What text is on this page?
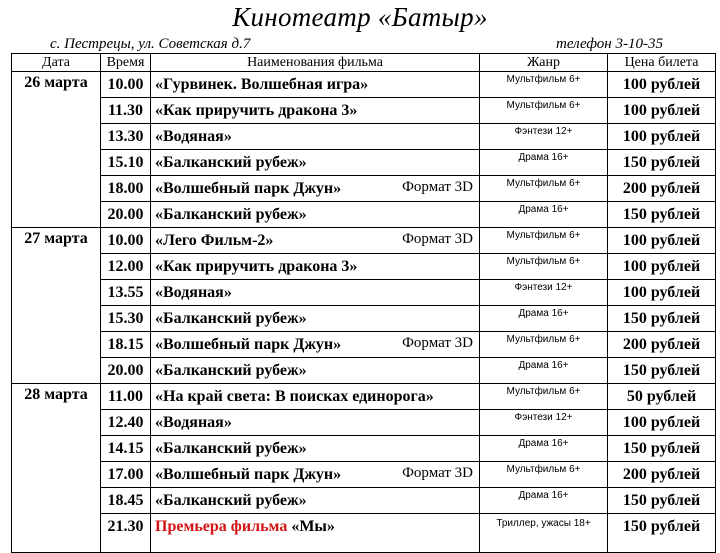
Кинотеатр «Батыр»
с. Пестрецы, ул. Советская д.7	телефон 3-10-35
Дата	Время	Наименования фильма	Жанр	Цена билета
26 марта	10.00	«Гурвинек. Волшебная игра»	Мультфильм 6+	100 рублей
	11.30	«Как приручить дракона 3»	Мультфильм 6+	100 рублей
	13.30	«Водяная»	Фэнтези 12+	100 рублей
	15.10	«Балканский рубеж»	Драма 16+	150 рублей
	18.00	«Волшебный парк Джун» Формат 3D	Мультфильм 6+	200 рублей
	20.00	«Балканский рубеж»	Драма 16+	150 рублей
27 марта	10.00	«Лего Фильм-2» Формат 3D	Мультфильм 6+	100 рублей
	12.00	«Как приручить дракона 3»	Мультфильм 6+	100 рублей
	13.55	«Водяная»	Фэнтези 12+	100 рублей
	15.30	«Балканский рубеж»	Драма 16+	150 рублей
	18.15	«Волшебный парк Джун» Формат 3D	Мультфильм 6+	200 рублей
	20.00	«Балканский рубеж»	Драма 16+	150 рублей
28 марта	11.00	«На край света: В поисках единорога»	Мультфильм 6+	50 рублей
	12.40	«Водяная»	Фэнтези 12+	100 рублей
	14.15	«Балканский рубеж»	Драма 16+	150 рублей
	17.00	«Волшебный парк Джун» Формат 3D	Мультфильм 6+	200 рублей
	18.45	«Балканский рубеж»	Драма 16+	150 рублей
	21.30	Премьера фильма «Мы»	Триллер, ужасы 18+	150 рублей
